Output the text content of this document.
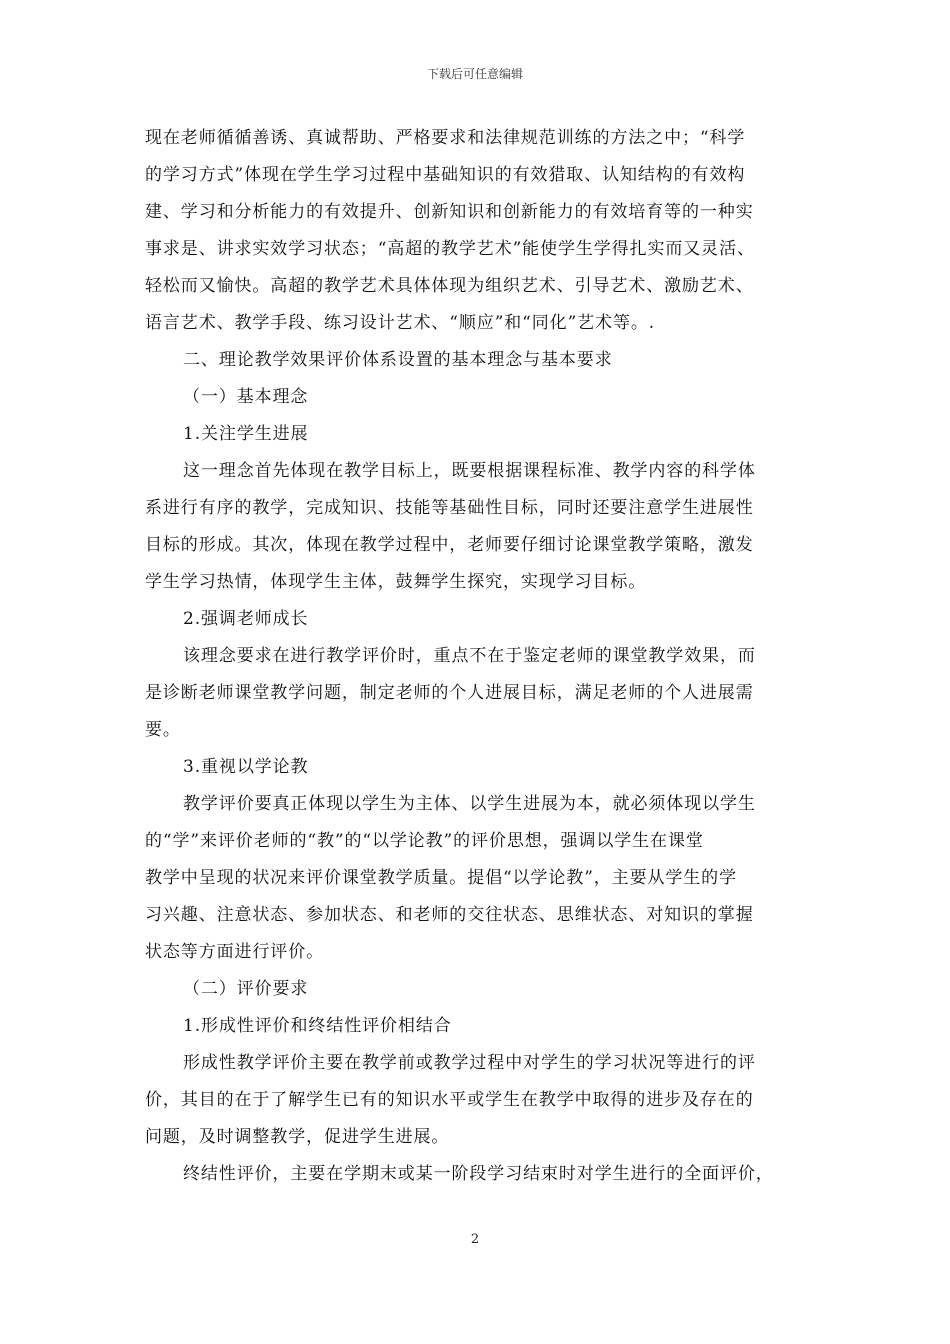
下载后可任意编辑

现在老师循循善诱、真诚帮助、严格要求和法律规范训练的方法之中；“科学

的学习方式”体现在学生学习过程中基础知识的有效猎取、认知结构的有效构

建、学习和分析能力的有效提升、创新知识和创新能力的有效培育等的一种实

事求是、讲求实效学习状态；“高超的教学艺术”能使学生学得扎实而又灵活、

轻松而又愉快。高超的教学艺术具体体现为组织艺术、引导艺术、激励艺术、

语言艺术、教学手段、练习设计艺术、“顺应”和“同化”艺术等。.

二、理论教学效果评价体系设置的基本理念与基本要求

（一）基本理念

1.关注学生进展

这一理念首先体现在教学目标上，既要根据课程标准、教学内容的科学体

系进行有序的教学，完成知识、技能等基础性目标，同时还要注意学生进展性

目标的形成。其次，体现在教学过程中，老师要仔细讨论课堂教学策略，激发

学生学习热情，体现学生主体，鼓舞学生探究，实现学习目标。

2.强调老师成长

该理念要求在进行教学评价时，重点不在于鉴定老师的课堂教学效果，而

是诊断老师课堂教学问题，制定老师的个人进展目标，满足老师的个人进展需

要。

3.重视以学论教

教学评价要真正体现以学生为主体、以学生进展为本，就必须体现以学生

的“学”来评价老师的“教”的“以学论教”的评价思想，强调以学生在课堂

教学中呈现的状况来评价课堂教学质量。提倡“以学论教”，主要从学生的学

习兴趣、注意状态、参加状态、和老师的交往状态、思维状态、对知识的掌握

状态等方面进行评价。

（二）评价要求

1.形成性评价和终结性评价相结合

形成性教学评价主要在教学前或教学过程中对学生的学习状况等进行的评

价，其目的在于了解学生已有的知识水平或学生在教学中取得的进步及存在的

问题，及时调整教学，促进学生进展。

终结性评价，主要在学期末或某一阶段学习结束时对学生进行的全面评价，

2
